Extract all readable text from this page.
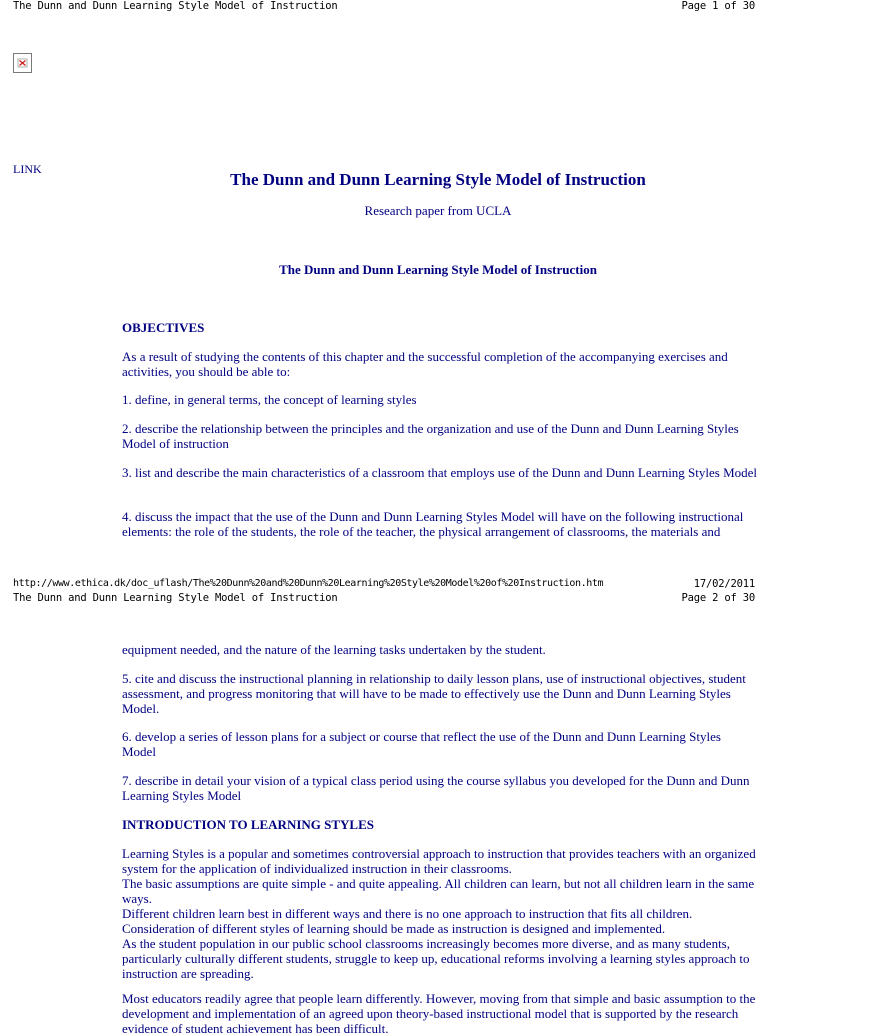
The Dunn and Dunn Learning Style Model of Instruction	Page 1 of 30
LINK
The Dunn and Dunn Learning Style Model of Instruction
Research paper from UCLA
The Dunn and Dunn Learning Style Model of Instruction
OBJECTIVES
As a result of studying the contents of this chapter and the successful completion of the accompanying exercises and activities, you should be able to:
1. define, in general terms, the concept of learning styles
2. describe the relationship between the principles and the organization and use of the Dunn and Dunn Learning Styles Model of instruction
3. list and describe the main characteristics of a classroom that employs use of the Dunn and Dunn Learning Styles Model
4. discuss the impact that the use of the Dunn and Dunn Learning Styles Model will have on the following instructional elements: the role of the students, the role of the teacher, the physical arrangement of classrooms, the materials and
http://www.ethica.dk/doc_uflash/The%20Dunn%20and%20Dunn%20Learning%20Style%20Model%20of%20Instruction.htm	17/02/2011
The Dunn and Dunn Learning Style Model of Instruction	Page 2 of 30
equipment needed, and the nature of the learning tasks undertaken by the student.
5. cite and discuss the instructional planning in relationship to daily lesson plans, use of instructional objectives, student assessment, and progress monitoring that will have to be made to effectively use the Dunn and Dunn Learning Styles Model.
6. develop a series of lesson plans for a subject or course that reflect the use of the Dunn and Dunn Learning Styles Model
7. describe in detail your vision of a typical class period using the course syllabus you developed for the Dunn and Dunn Learning Styles Model
INTRODUCTION TO LEARNING STYLES
Learning Styles is a popular and sometimes controversial approach to instruction that provides teachers with an organized system for the application of individualized instruction in their classrooms.
The basic assumptions are quite simple - and quite appealing. All children can learn, but not all children learn in the same ways.
Different children learn best in different ways and there is no one approach to instruction that fits all children.
Consideration of different styles of learning should be made as instruction is designed and implemented.
As the student population in our public school classrooms increasingly becomes more diverse, and as many students, particularly culturally different students, struggle to keep up, educational reforms involving a learning styles approach to instruction are spreading.
Most educators readily agree that people learn differently. However, moving from that simple and basic assumption to the development and implementation of an agreed upon theory-based instructional model that is supported by the research evidence of student achievement has been difficult.
